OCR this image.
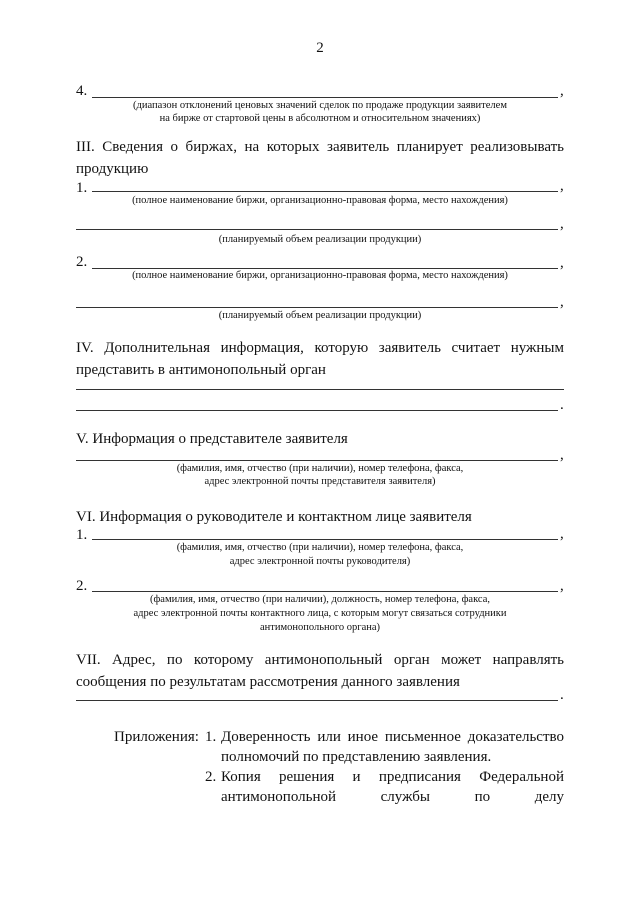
2
4.	,
(диапазон отклонений ценовых значений сделок по продаже продукции заявителем
на бирже от стартовой цены в абсолютном и относительном значениях)
III. Сведения о биржах, на которых заявитель планирует реализовывать продукцию
1.	,
(полное наименование биржи, организационно-правовая форма, место нахождения)
,
(планируемый объем реализации продукции)
2.	,
(полное наименование биржи, организационно-правовая форма, место нахождения)
,
(планируемый объем реализации продукции)
IV. Дополнительная информация, которую заявитель считает нужным представить в антимонопольный орган
.
V. Информация о представителе заявителя
,
(фамилия, имя, отчество (при наличии), номер телефона, факса,
адрес электронной почты представителя заявителя)
VI. Информация о руководителе и контактном лице заявителя
1.	,
(фамилия, имя, отчество (при наличии), номер телефона, факса,
адрес электронной почты руководителя)
2.	,
(фамилия, имя, отчество (при наличии), должность, номер телефона, факса,
адрес электронной почты контактного лица, с которым могут связаться сотрудники
антимонопольного органа)
VII. Адрес, по которому антимонопольный орган может направлять сообщения по результатам рассмотрения данного заявления
.
Приложения: 1. Доверенность или иное письменное доказательство
полномочий по представлению заявления.
2. Копия решения и предписания Федеральной
антимонопольной службы по делу
